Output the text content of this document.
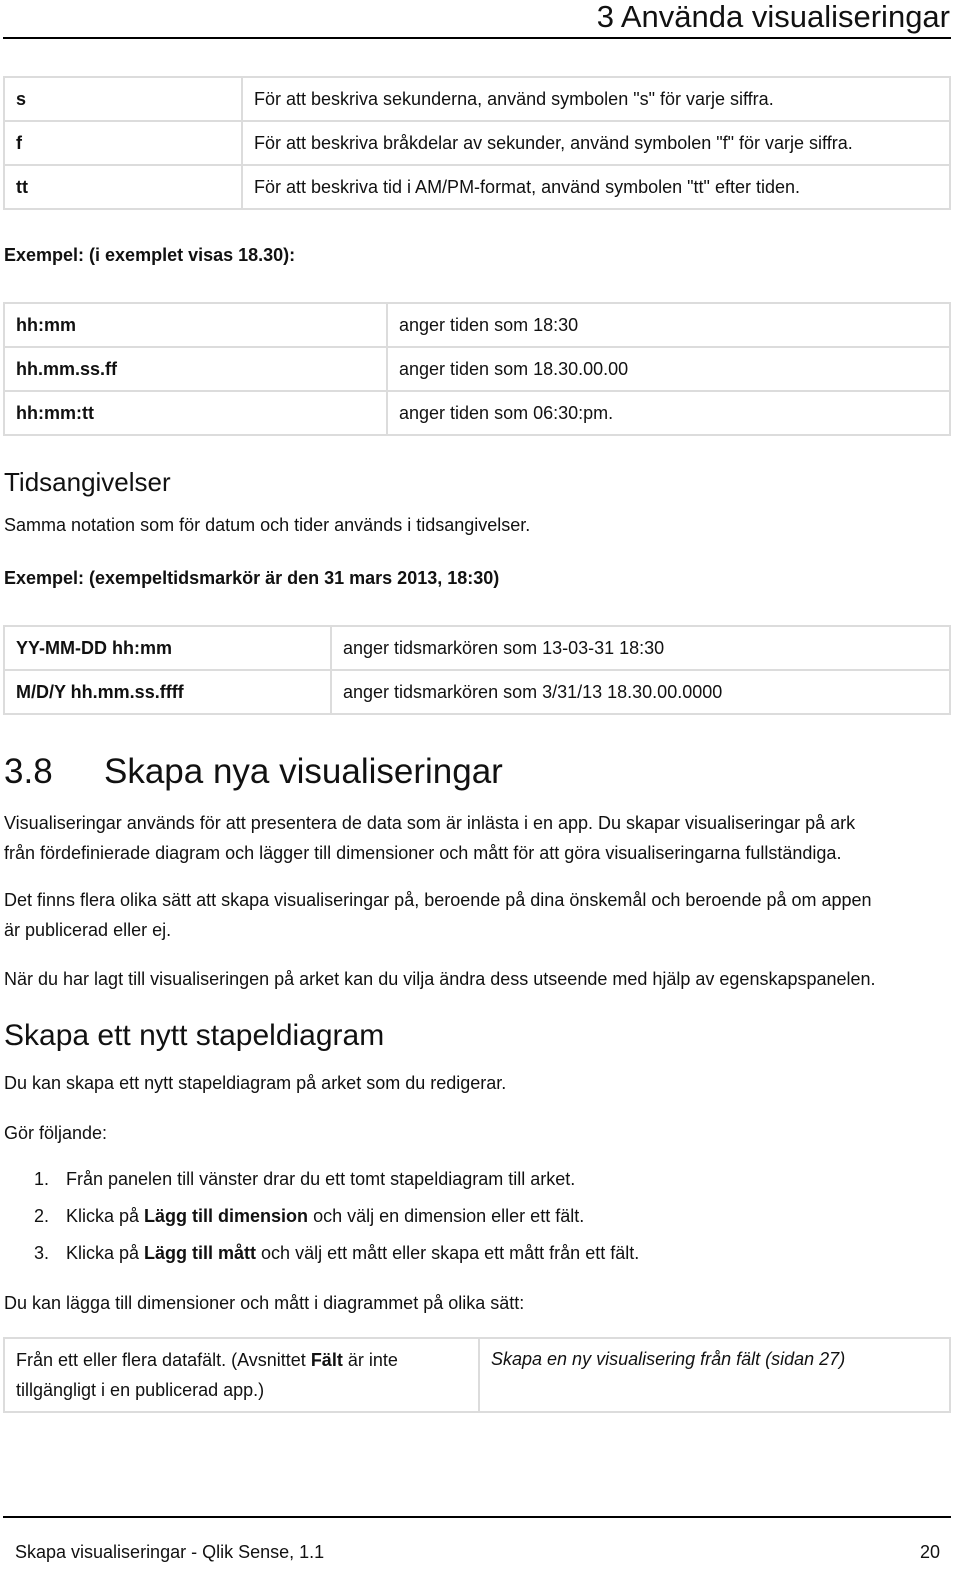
3 Använda visualiseringar
s	För att beskriva sekunderna, använd symbolen "s" för varje siffra.
f	För att beskriva bråkdelar av sekunder, använd symbolen "f" för varje siffra.
tt	För att beskriva tid i AM/PM-format, använd symbolen "tt" efter tiden.
Exempel: (i exemplet visas 18.30):
hh:mm	anger tiden som 18:30
hh.mm.ss.ff	anger tiden som 18.30.00.00
hh:mm:tt	anger tiden som 06:30:pm.
Tidsangivelser
Samma notation som för datum och tider används i tidsangivelser.
Exempel: (exempeltidsmarkör är den 31 mars 2013, 18:30)
YY-MM-DD hh:mm	anger tidsmarkören som 13-03-31 18:30
M/D/Y hh.mm.ss.ffff	anger tidsmarkören som 3/31/13 18.30.00.0000
3.8 Skapa nya visualiseringar
Visualiseringar används för att presentera de data som är inlästa i en app. Du skapar visualiseringar på ark
från fördefinierade diagram och lägger till dimensioner och mått för att göra visualiseringarna fullständiga.
Det finns flera olika sätt att skapa visualiseringar på, beroende på dina önskemål och beroende på om appen
är publicerad eller ej.
När du har lagt till visualiseringen på arket kan du vilja ändra dess utseende med hjälp av egenskapspanelen.
Skapa ett nytt stapeldiagram
Du kan skapa ett nytt stapeldiagram på arket som du redigerar.
Gör följande:
1. Från panelen till vänster drar du ett tomt stapeldiagram till arket.
2. Klicka på Lägg till dimension och välj en dimension eller ett fält.
3. Klicka på Lägg till mått och välj ett mått eller skapa ett mått från ett fält.
Du kan lägga till dimensioner och mått i diagrammet på olika sätt:
Från ett eller flera datafält. (Avsnittet Fält är inte
tillgängligt i en publicerad app.)	Skapa en ny visualisering från fält (sidan 27)
Skapa visualiseringar - Qlik Sense, 1.1	20
